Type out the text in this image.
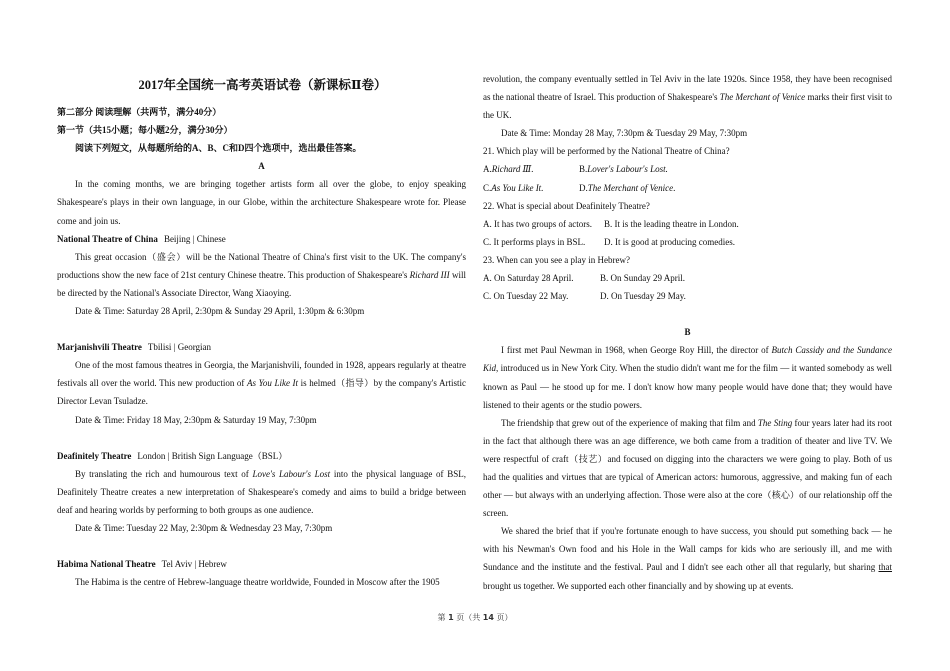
2017年全国统一高考英语试卷（新课标Ⅱ卷）

第二部分 阅读理解（共两节，满分40分）

第一节（共15小题；每小题2分，满分30分）

阅读下列短文，从每题所给的A、B、C和D四个选项中，选出最佳答案。

A

In the coming months, we are bringing together artists form all over the globe, to enjoy speaking Shakespeare's plays in their own language, in our Globe, within the architecture Shakespeare wrote for. Please come and join us.

National Theatre of China Beijing | Chinese

This great occasion（盛会）will be the National Theatre of China's first visit to the UK. The company's productions show the new face of 21st century Chinese theatre. This production of Shakespeare's Richard III will be directed by the National's Associate Director, Wang Xiaoying.

Date & Time: Saturday 28 April, 2:30pm & Sunday 29 April, 1:30pm & 6:30pm

Marjanishvili Theatre Tbilisi | Georgian

One of the most famous theatres in Georgia, the Marjanishvili, founded in 1928, appears regularly at theatre festivals all over the world. This new production of As You Like It is helmed（指导）by the company's Artistic Director Levan Tsuladze.

Date & Time: Friday 18 May, 2:30pm & Saturday 19 May, 7:30pm

Deafinitely Theatre London | British Sign Language（BSL）

By translating the rich and humourous text of Love's Labour's Lost into the physical language of BSL, Deafinitely Theatre creates a new interpretation of Shakespeare's comedy and aims to build a bridge between deaf and hearing worlds by performing to both groups as one audience.

Date & Time: Tuesday 22 May, 2:30pm & Wednesday 23 May, 7:30pm

Habima National Theatre Tel Aviv | Hebrew

The Habima is the centre of Hebrew-language theatre worldwide, Founded in Moscow after the 1905

revolution, the company eventually settled in Tel Aviv in the late 1920s. Since 1958, they have been recognised as the national theatre of Israel. This production of Shakespeare's The Merchant of Venice marks their first visit to the UK.

Date & Time: Monday 28 May, 7:30pm & Tuesday 29 May, 7:30pm

21. Which play will be performed by the National Theatre of China?

A.Richard Ⅲ.	B.Lover's Labour's Lost.

C.As You Like It.	D.The Merchant of Venice.

22. What is special about Deafinitely Theatre?

A. It has two groups of actors. B. It is the leading theatre in London.

C. It performs plays in BSL. D. It is good at producing comedies.

23. When can you see a play in Hebrew?

A. On Saturday 28 April.	B. On Sunday 29 April.

C. On Tuesday 22 May.	D. On Tuesday 29 May.

B

I first met Paul Newman in 1968, when George Roy Hill, the director of Butch Cassidy and the Sundance Kid, introduced us in New York City. When the studio didn't want me for the film — it wanted somebody as well known as Paul — he stood up for me. I don't know how many people would have done that; they would have listened to their agents or the studio powers.

The friendship that grew out of the experience of making that film and The Sting four years later had its root in the fact that although there was an age difference, we both came from a tradition of theater and live TV. We were respectful of craft（技艺）and focused on digging into the characters we were going to play. Both of us had the qualities and virtues that are typical of American actors: humorous, aggressive, and making fun of each other — but always with an underlying affection. Those were also at the core（核心）of our relationship off the screen.

We shared the brief that if you're fortunate enough to have success, you should put something back — he with his Newman's Own food and his Hole in the Wall camps for kids who are seriously ill, and me with Sundance and the institute and the festival. Paul and I didn't see each other all that regularly, but sharing that brought us together. We supported each other financially and by showing up at events.

第 1 页（共 14 页）
